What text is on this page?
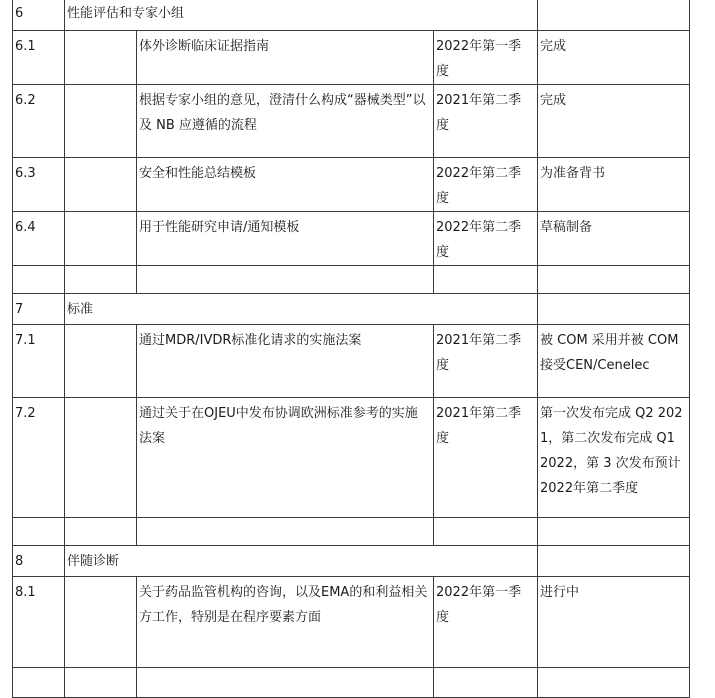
6	性能评估和专家小组			
6.1		体外诊断临床证据指南	2022年第一季度	完成
6.2		根据专家小组的意见，澄清什么构成“器械类型”以及 NB 应遵循的流程	2021年第二季度	完成
6.3		安全和性能总结模板	2022年第二季度	为准备背书
6.4		用于性能研究申请/通知模板	2022年第二季度	草稿制备

7	标准			
7.1		通过MDR/IVDR标准化请求的实施法案	2021年第二季度	被 COM 采用并被 COM 接受CEN/Cenelec
7.2		通过关于在OJEU中发布协调欧洲标准参考的实施法案	2021年第二季度	第一次发布完成 Q2 2021，第二次发布完成 Q1 2022，第 3 次发布预计2022年第二季度

8	伴随诊断			
8.1		关于药品监管机构的咨询，以及EMA的和利益相关方工作，特别是在程序要素方面	2022年第一季度	进行中
